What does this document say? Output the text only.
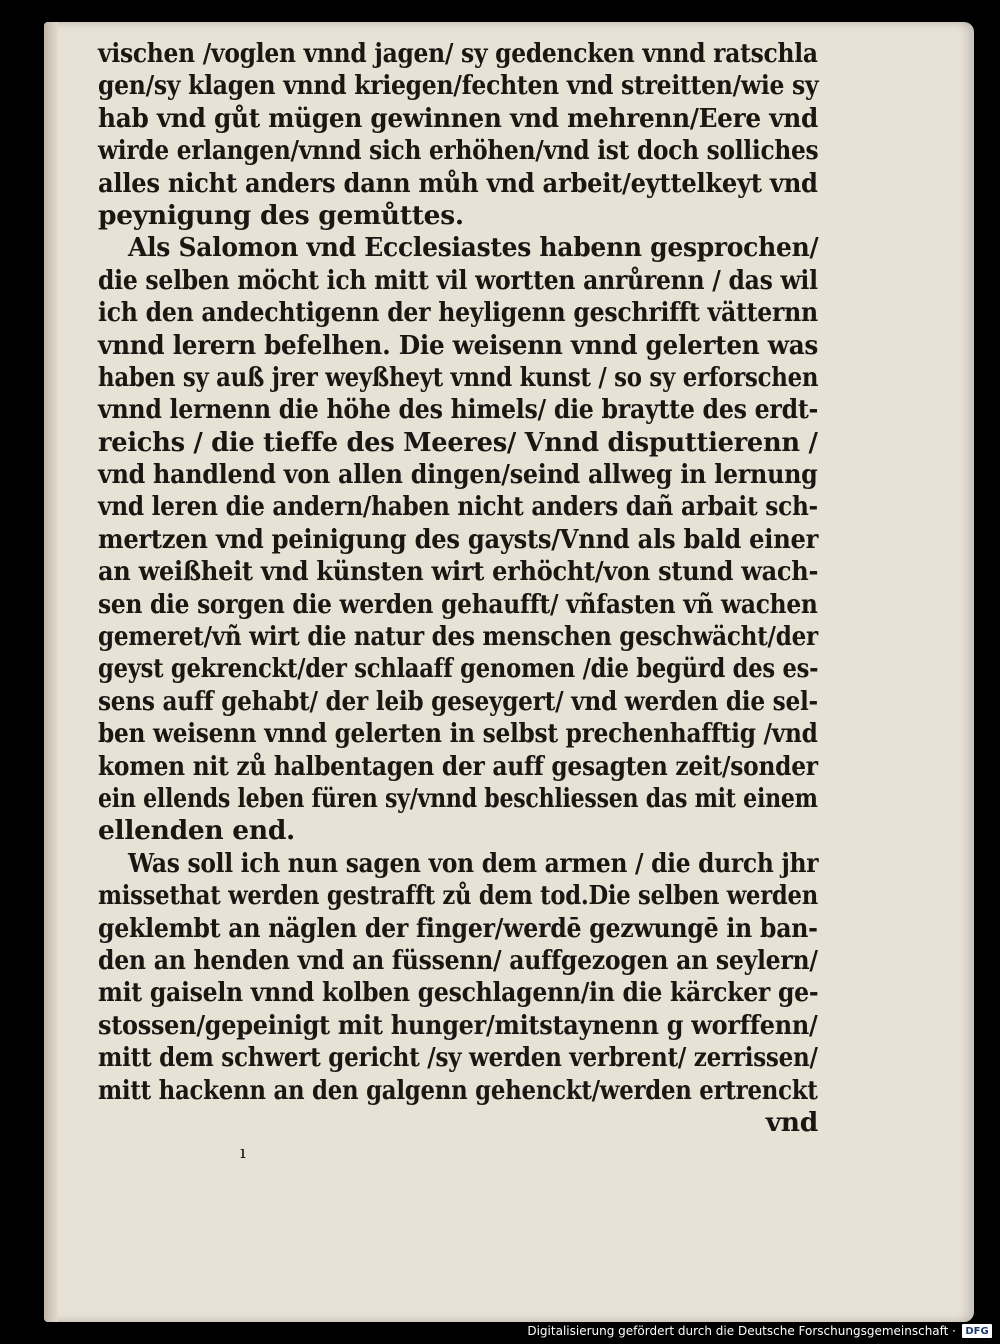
vischen /voglen vnnd jagen/ sy gedencken vnnd ratschla
gen/sy klagen vnnd kriegen/fechten vnd streitten/wie sy
hab vnd gůt mügen gewinnen vnd mehrenn/Eere vnd
wirde erlangen/vnnd sich erhöhen/vnd ist doch solliches
alles nicht anders dann můh vnd arbeit/eyttelkeyt vnd
peynigung des gemůttes.
Als Salomon vnd Ecclesiastes habenn gesprochen/
die selben möcht ich mitt vil wortten anrůrenn / das wil
ich den andechtigenn der heyligenn geschrifft vätternn
vnnd lerern befelhen. Die weisenn vnnd gelerten was
haben sy auß jrer weyßheyt vnnd kunst / so sy erforschen
vnnd lernenn die höhe des himels/ die braytte des erdt-
reichs / die tieffe des Meeres/ Vnnd disputtierenn /
vnd handlend von allen dingen/seind allweg in lernung
vnd leren die andern/haben nicht anders dañ arbait sch-
mertzen vnd peinigung des gaysts/Vnnd als bald einer
an weißheit vnd künsten wirt erhöcht/von stund wach-
sen die sorgen die werden gehaufft/ vñfasten vñ wachen
gemeret/vñ wirt die natur des menschen geschwächt/der
geyst gekrenckt/der schlaaff genomen /die begürd des es-
sens auff gehabt/ der leib geseygert/ vnd werden die sel-
ben weisenn vnnd gelerten in selbst prechenhafftig /vnd
komen nit zů halbentagen der auff gesagten zeit/sonder
ein ellends leben füren sy/vnnd beschliessen das mit einem
ellenden end.
Was soll ich nun sagen von dem armen / die durch jhr
missethat werden gestrafft zů dem tod.Die selben werden
geklembt an näglen der finger/werdē gezwungē in ban-
den an henden vnd an füssenn/ auffgezogen an seylern/
mit gaiseln vnnd kolben geschlagenn/in die kärcker ge-
stossen/gepeinigt mit hunger/mitstaynenn g worffenn/
mitt dem schwert gericht /sy werden verbrent/ zerrissen/
mitt hackenn an den galgenn gehenckt/werden ertrenckt
vnd
ı
Digitalisierung gefördert durch die Deutsche Forschungsgemeinschaft · DFG
